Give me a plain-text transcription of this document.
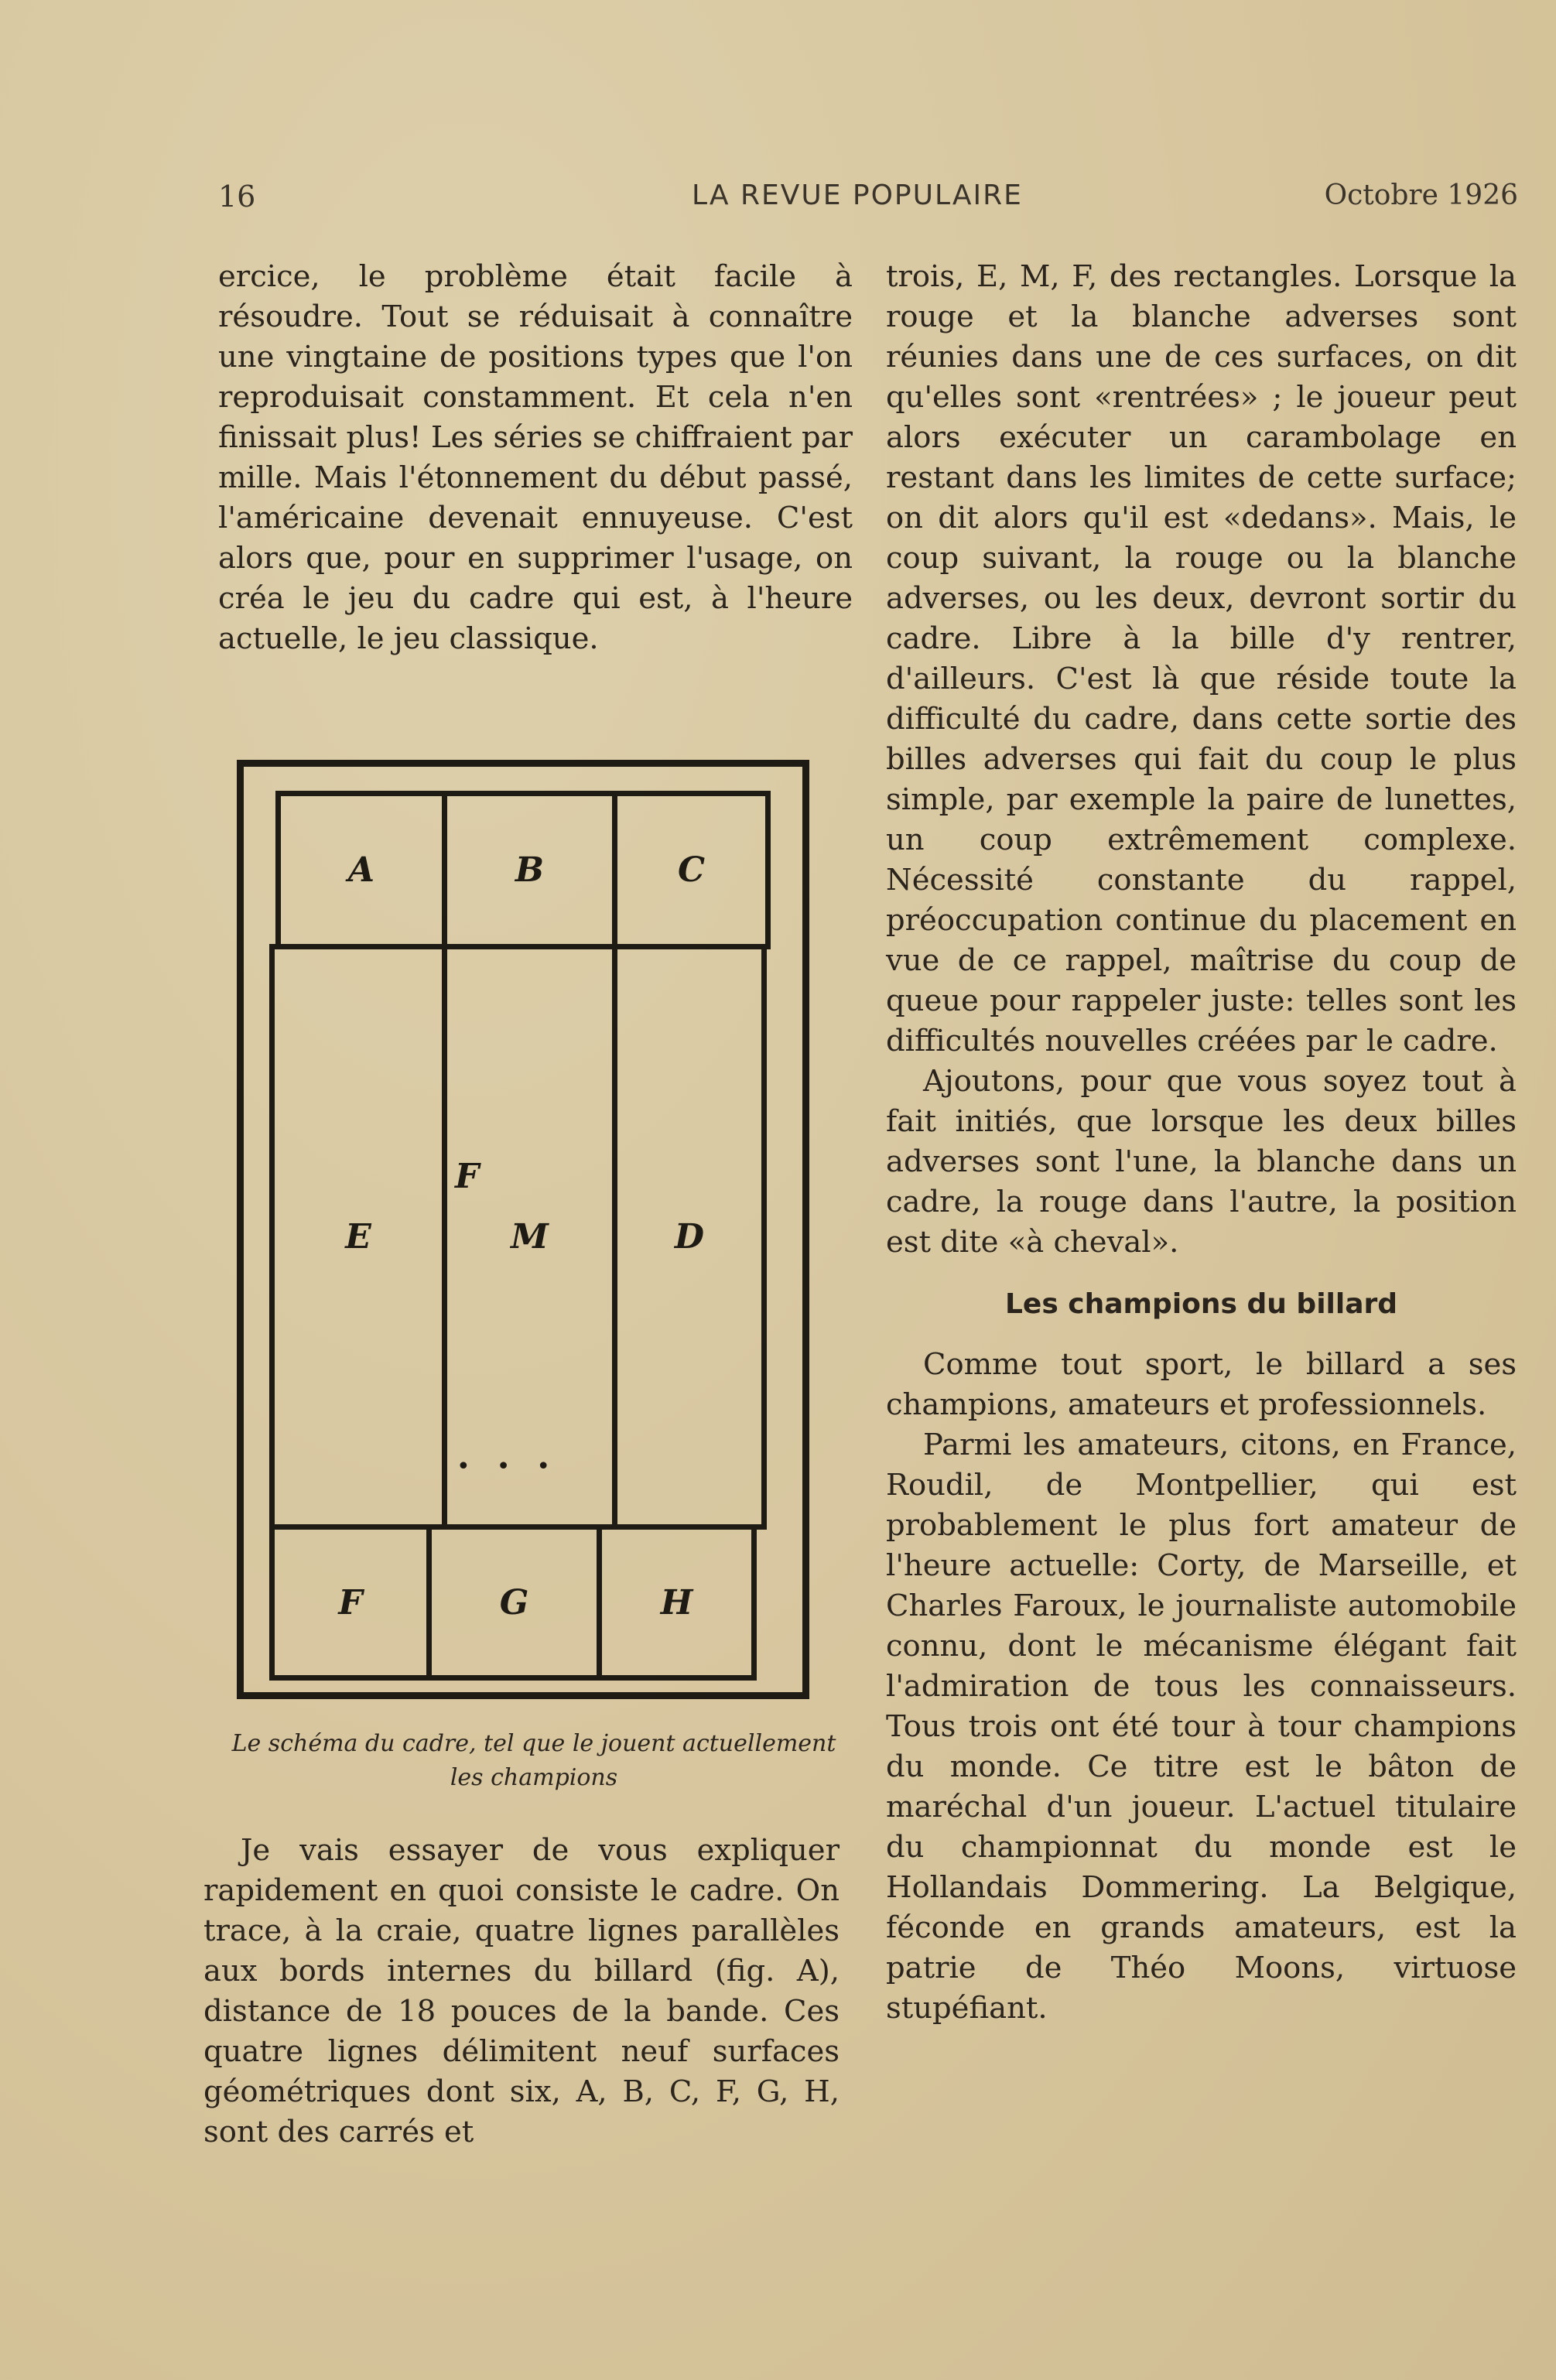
16	LA REVUE POPULAIRE	Octobre 1926

ercice, le problème était facile à résoudre. Tout se réduisait à connaître une vingtaine de positions types que l'on reproduisait constamment. Et cela n'en finissait plus! Les séries se chiffraient par mille. Mais l'étonnement du début passé, l'américaine devenait ennuyeuse. C'est alors que, pour en supprimer l'usage, on créa le jeu du cadre qui est, à l'heure actuelle, le jeu classique.

A	B	C
E
F
M	D
F	G	H
•••
Le schéma du cadre, tel que le jouent actuellement les champions

Je vais essayer de vous expliquer rapidement en quoi consiste le cadre. On trace, à la craie, quatre lignes parallèles aux bords internes du billard (fig. A), distance de 18 pouces de la bande. Ces quatre lignes délimitent neuf surfaces géométriques dont six, A, B, C, F, G, H, sont des carrés et

trois, E, M, F, des rectangles. Lorsque la rouge et la blanche adverses sont réunies dans une de ces surfaces, on dit qu'elles sont «rentrées» ; le joueur peut alors exécuter un carambolage en restant dans les limites de cette surface; on dit alors qu'il est «dedans». Mais, le coup suivant, la rouge ou la blanche adverses, ou les deux, devront sortir du cadre. Libre à la bille d'y rentrer, d'ailleurs. C'est là que réside toute la difficulté du cadre, dans cette sortie des billes adverses qui fait du coup le plus simple, par exemple la paire de lunettes, un coup extrêmement complexe. Nécessité constante du rappel, préoccupation continue du placement en vue de ce rappel, maîtrise du coup de queue pour rappeler juste: telles sont les difficultés nouvelles créées par le cadre.

Ajoutons, pour que vous soyez tout à fait initiés, que lorsque les deux billes adverses sont l'une, la blanche dans un cadre, la rouge dans l'autre, la position est dite «à cheval».

Les champions du billard

Comme tout sport, le billard a ses champions, amateurs et professionnels.

Parmi les amateurs, citons, en France, Roudil, de Montpellier, qui est probablement le plus fort amateur de l'heure actuelle: Corty, de Marseille, et Charles Faroux, le journaliste automobile connu, dont le mécanisme élégant fait l'admiration de tous les connaisseurs. Tous trois ont été tour à tour champions du monde. Ce titre est le bâton de maréchal d'un joueur. L'actuel titulaire du championnat du monde est le Hollandais Dommering. La Belgique, féconde en grands amateurs, est la patrie de Théo Moons, virtuose stupéfiant.
